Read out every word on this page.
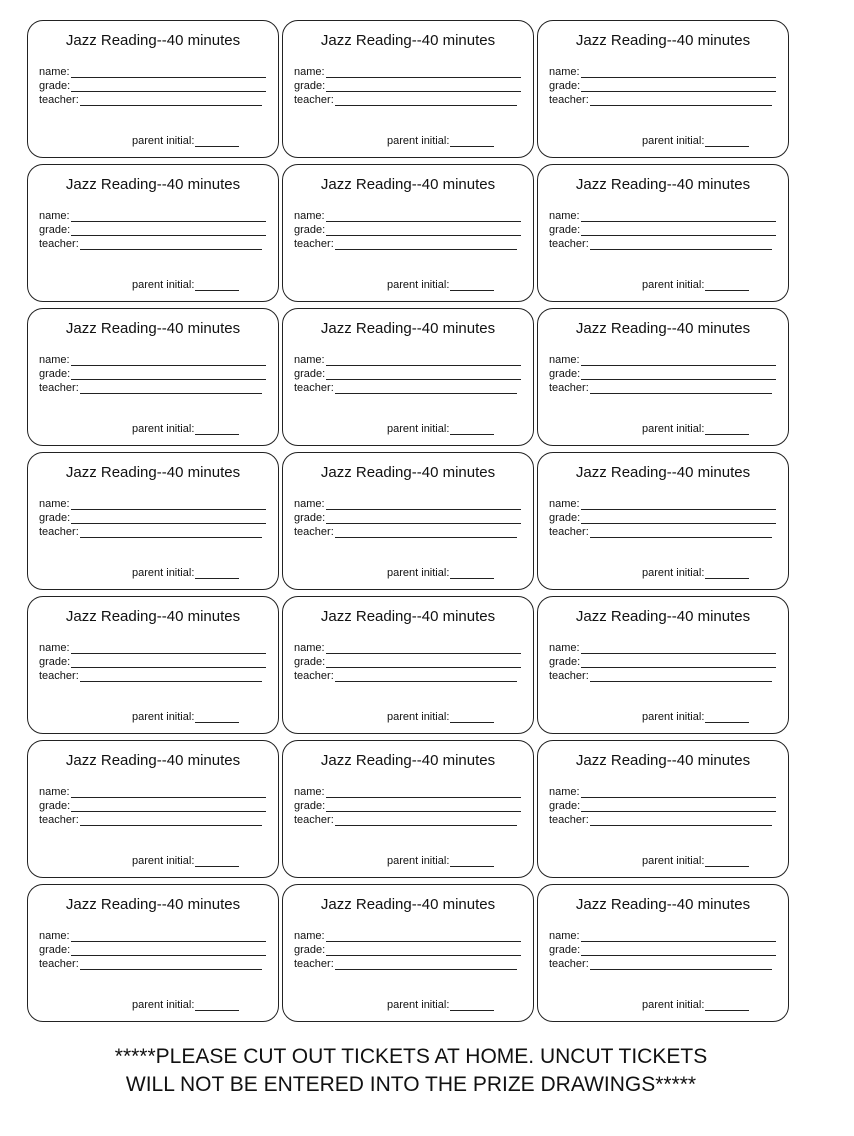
Jazz Reading--40 minutes
name:
grade:
teacher:
parent initial:
Jazz Reading--40 minutes
name:
grade:
teacher:
parent initial:
Jazz Reading--40 minutes
name:
grade:
teacher:
parent initial:
Jazz Reading--40 minutes
name:
grade:
teacher:
parent initial:
Jazz Reading--40 minutes
name:
grade:
teacher:
parent initial:
Jazz Reading--40 minutes
name:
grade:
teacher:
parent initial:
Jazz Reading--40 minutes
name:
grade:
teacher:
parent initial:
Jazz Reading--40 minutes
name:
grade:
teacher:
parent initial:
Jazz Reading--40 minutes
name:
grade:
teacher:
parent initial:
Jazz Reading--40 minutes
name:
grade:
teacher:
parent initial:
Jazz Reading--40 minutes
name:
grade:
teacher:
parent initial:
Jazz Reading--40 minutes
name:
grade:
teacher:
parent initial:
Jazz Reading--40 minutes
name:
grade:
teacher:
parent initial:
Jazz Reading--40 minutes
name:
grade:
teacher:
parent initial:
Jazz Reading--40 minutes
name:
grade:
teacher:
parent initial:
Jazz Reading--40 minutes
name:
grade:
teacher:
parent initial:
Jazz Reading--40 minutes
name:
grade:
teacher:
parent initial:
Jazz Reading--40 minutes
name:
grade:
teacher:
parent initial:
Jazz Reading--40 minutes
name:
grade:
teacher:
parent initial:
Jazz Reading--40 minutes
name:
grade:
teacher:
parent initial:
Jazz Reading--40 minutes
name:
grade:
teacher:
parent initial:
*****PLEASE CUT OUT TICKETS AT HOME. UNCUT TICKETS WILL NOT BE ENTERED INTO THE PRIZE DRAWINGS*****
